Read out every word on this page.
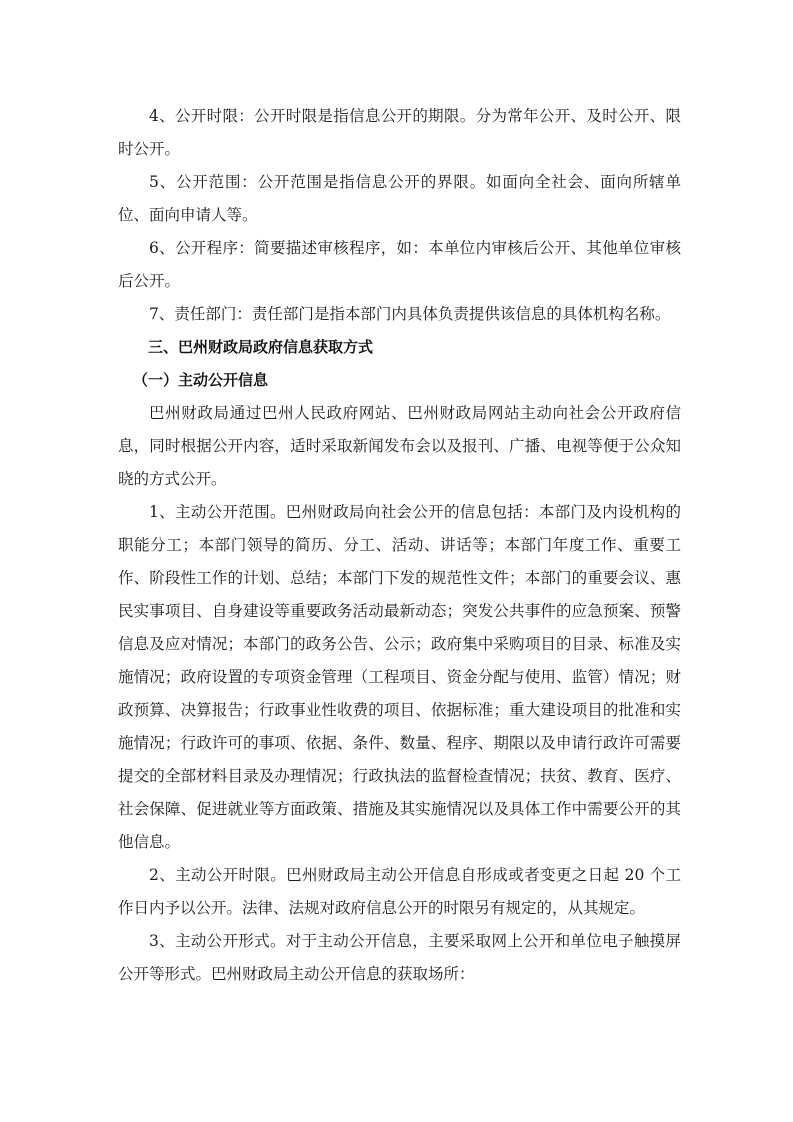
4、公开时限：公开时限是指信息公开的期限。分为常年公开、及时公开、限时公开。

5、公开范围：公开范围是指信息公开的界限。如面向全社会、面向所辖单位、面向申请人等。

6、公开程序：简要描述审核程序，如：本单位内审核后公开、其他单位审核后公开。

7、责任部门：责任部门是指本部门内具体负责提供该信息的具体机构名称。

三、巴州财政局政府信息获取方式

（一）主动公开信息

巴州财政局通过巴州人民政府网站、巴州财政局网站主动向社会公开政府信息，同时根据公开内容，适时采取新闻发布会以及报刊、广播、电视等便于公众知晓的方式公开。

1、主动公开范围。巴州财政局向社会公开的信息包括：本部门及内设机构的职能分工；本部门领导的简历、分工、活动、讲话等；本部门年度工作、重要工作、阶段性工作的计划、总结；本部门下发的规范性文件；本部门的重要会议、惠民实事项目、自身建设等重要政务活动最新动态；突发公共事件的应急预案、预警信息及应对情况；本部门的政务公告、公示；政府集中采购项目的目录、标准及实施情况；政府设置的专项资金管理（工程项目、资金分配与使用、监管）情况；财政预算、决算报告；行政事业性收费的项目、依据标准；重大建设项目的批准和实施情况；行政许可的事项、依据、条件、数量、程序、期限以及申请行政许可需要提交的全部材料目录及办理情况；行政执法的监督检查情况；扶贫、教育、医疗、社会保障、促进就业等方面政策、措施及其实施情况以及具体工作中需要公开的其他信息。

2、主动公开时限。巴州财政局主动公开信息自形成或者变更之日起 20 个工作日内予以公开。法律、法规对政府信息公开的时限另有规定的，从其规定。

3、主动公开形式。对于主动公开信息，主要采取网上公开和单位电子触摸屏公开等形式。巴州财政局主动公开信息的获取场所：
